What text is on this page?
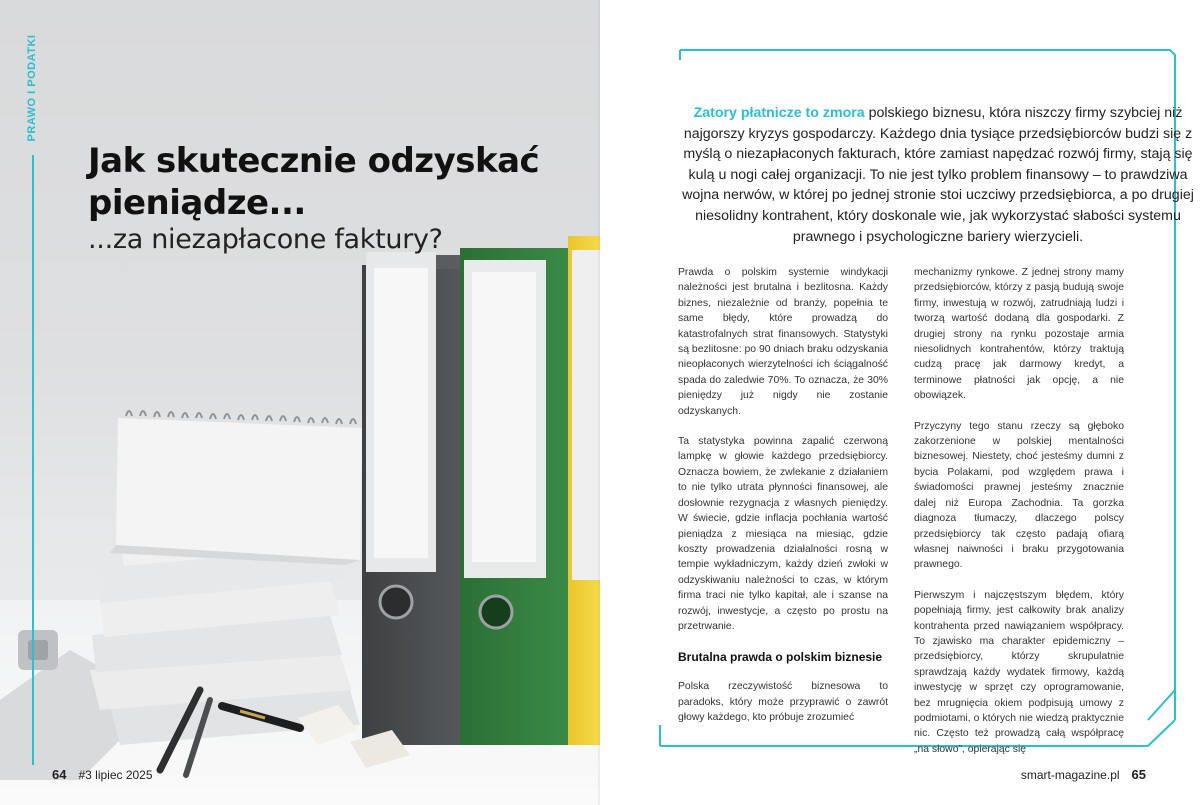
PRAWO I PODATKI
Jak skutecznie odzyskać pieniądze...
...za niezapłacone faktury?
64 #3 lipiec 2025

Zatory płatnicze to zmora polskiego biznesu, która niszczy firmy szybciej niż najgorszy kryzys gospodarczy. Każdego dnia tysiące przedsiębiorców budzi się z myślą o niezapłaconych fakturach, które zamiast napędzać rozwój firmy, stają się kulą u nogi całej organizacji. To nie jest tylko problem finansowy – to prawdziwa wojna nerwów, w której po jednej stronie stoi uczciwy przedsiębiorca, a po drugiej niesolidny kontrahent, który doskonale wie, jak wykorzystać słabości systemu prawnego i psychologiczne bariery wierzycieli.

Prawda o polskim systemie windykacji należności jest brutalna i bezlitosna. Każdy biznes, niezależnie od branży, popełnia te same błędy, które prowadzą do katastrofalnych strat finansowych. Statystyki są bezlitosne: po 90 dniach braku odzyskania nieopłaconych wierzytelności ich ściągalność spada do zaledwie 70%. To oznacza, że 30% pieniędzy już nigdy nie zostanie odzyskanych.

Ta statystyka powinna zapalić czerwoną lampkę w głowie każdego przedsiębiorcy. Oznacza bowiem, że zwlekanie z działaniem to nie tylko utrata płynności finansowej, ale dosłownie rezygnacja z własnych pieniędzy. W świecie, gdzie inflacja pochłania wartość pieniądza z miesiąca na miesiąc, gdzie koszty prowadzenia działalności rosną w tempie wykładniczym, każdy dzień zwłoki w odzyskiwaniu należności to czas, w którym firma traci nie tylko kapitał, ale i szanse na rozwój, inwestycje, a często po prostu na przetrwanie.

Brutalna prawda o polskim biznesie

Polska rzeczywistość biznesowa to paradoks, który może przyprawić o zawrót głowy każdego, kto próbuje zrozumieć

mechanizmy rynkowe. Z jednej strony mamy przedsiębiorców, którzy z pasją budują swoje firmy, inwestują w rozwój, zatrudniają ludzi i tworzą wartość dodaną dla gospodarki. Z drugiej strony na rynku pozostaje armia niesolidnych kontrahentów, którzy traktują cudzą pracę jak darmowy kredyt, a terminowe płatności jak opcję, a nie obowiązek.

Przyczyny tego stanu rzeczy są głęboko zakorzenione w polskiej mentalności biznesowej. Niestety, choć jesteśmy dumni z bycia Polakami, pod względem prawa i świadomości prawnej jesteśmy znacznie dalej niż Europa Zachodnia. Ta gorzka diagnoza tłumaczy, dlaczego polscy przedsiębiorcy tak często padają ofiarą własnej naiwności i braku przygotowania prawnego.

Pierwszym i najczęstszym błędem, który popełniają firmy, jest całkowity brak analizy kontrahenta przed nawiązaniem współpracy. To zjawisko ma charakter epidemiczny – przedsiębiorcy, którzy skrupulatnie sprawdzają każdy wydatek firmowy, każdą inwestycję w sprzęt czy oprogramowanie, bez mrugnięcia okiem podpisują umowy z podmiotami, o których nie wiedzą praktycznie nic. Często też prowadzą całą współpracę „na słowo”, opierając się

smart-magazine.pl 65
